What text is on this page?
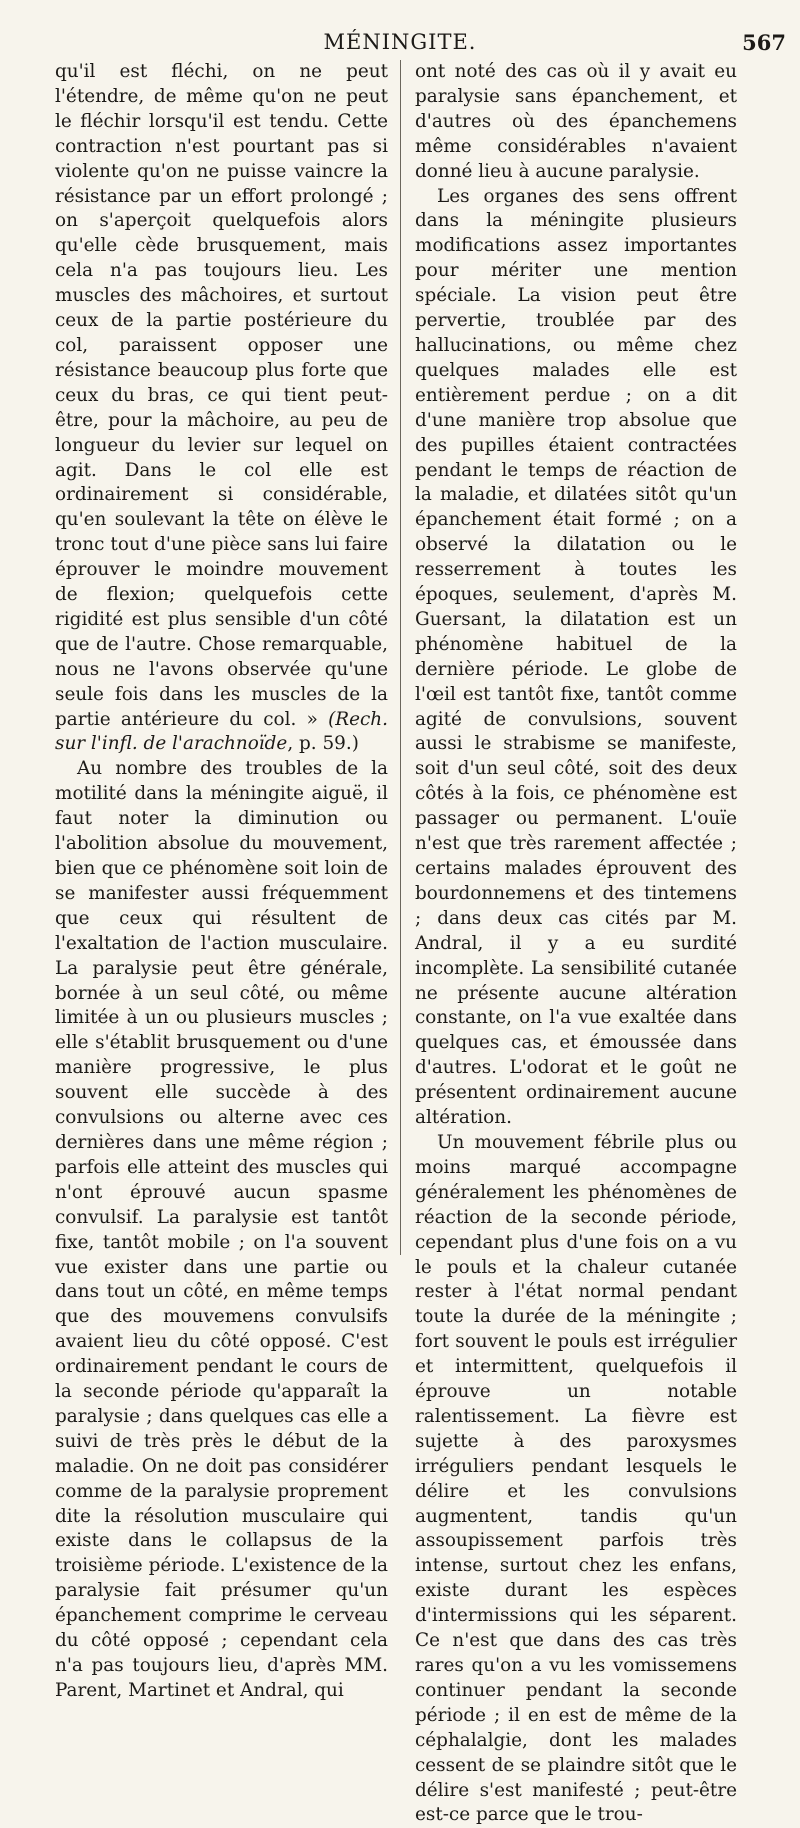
MÉNINGITE.	567

qu'il est fléchi, on ne peut l'étendre, de même qu'on ne peut le fléchir lorsqu'il est tendu. Cette contraction n'est pourtant pas si violente qu'on ne puisse vaincre la résistance par un effort prolongé ; on s'aperçoit quelquefois alors qu'elle cède brusquement, mais cela n'a pas toujours lieu. Les muscles des mâchoires, et surtout ceux de la partie postérieure du col, paraissent opposer une résistance beaucoup plus forte que ceux du bras, ce qui tient peut-être, pour la mâchoire, au peu de longueur du levier sur lequel on agit. Dans le col elle est ordinairement si considérable, qu'en soulevant la tête on élève le tronc tout d'une pièce sans lui faire éprouver le moindre mouvement de flexion; quelquefois cette rigidité est plus sensible d'un côté que de l'autre. Chose remarquable, nous ne l'avons observée qu'une seule fois dans les muscles de la partie antérieure du col. » (Rech. sur l'infl. de l'arachnoïde, p. 59.)

Au nombre des troubles de la motilité dans la méningite aiguë, il faut noter la diminution ou l'abolition absolue du mouvement, bien que ce phénomène soit loin de se manifester aussi fréquemment que ceux qui résultent de l'exaltation de l'action musculaire. La paralysie peut être générale, bornée à un seul côté, ou même limitée à un ou plusieurs muscles ; elle s'établit brusquement ou d'une manière progressive, le plus souvent elle succède à des convulsions ou alterne avec ces dernières dans une même région ; parfois elle atteint des muscles qui n'ont éprouvé aucun spasme convulsif. La paralysie est tantôt fixe, tantôt mobile ; on l'a souvent vue exister dans une partie ou dans tout un côté, en même temps que des mouvemens convulsifs avaient lieu du côté opposé. C'est ordinairement pendant le cours de la seconde période qu'apparaît la paralysie ; dans quelques cas elle a suivi de très près le début de la maladie. On ne doit pas considérer comme de la paralysie proprement dite la résolution musculaire qui existe dans le collapsus de la troisième période. L'existence de la paralysie fait présumer qu'un épanchement comprime le cerveau du côté opposé ; cependant cela n'a pas toujours lieu, d'après MM. Parent, Martinet et Andral, qui

ont noté des cas où il y avait eu paralysie sans épanchement, et d'autres où des épanchemens même considérables n'avaient donné lieu à aucune paralysie.

Les organes des sens offrent dans la méningite plusieurs modifications assez importantes pour mériter une mention spéciale. La vision peut être pervertie, troublée par des hallucinations, ou même chez quelques malades elle est entièrement perdue ; on a dit d'une manière trop absolue que des pupilles étaient contractées pendant le temps de réaction de la maladie, et dilatées sitôt qu'un épanchement était formé ; on a observé la dilatation ou le resserrement à toutes les époques, seulement, d'après M. Guersant, la dilatation est un phénomène habituel de la dernière période. Le globe de l'œil est tantôt fixe, tantôt comme agité de convulsions, souvent aussi le strabisme se manifeste, soit d'un seul côté, soit des deux côtés à la fois, ce phénomène est passager ou permanent. L'ouïe n'est que très rarement affectée ; certains malades éprouvent des bourdonnemens et des tintemens ; dans deux cas cités par M. Andral, il y a eu surdité incomplète. La sensibilité cutanée ne présente aucune altération constante, on l'a vue exaltée dans quelques cas, et émoussée dans d'autres. L'odorat et le goût ne présentent ordinairement aucune altération.

Un mouvement fébrile plus ou moins marqué accompagne généralement les phénomènes de réaction de la seconde période, cependant plus d'une fois on a vu le pouls et la chaleur cutanée rester à l'état normal pendant toute la durée de la méningite ; fort souvent le pouls est irrégulier et intermittent, quelquefois il éprouve un notable ralentissement. La fièvre est sujette à des paroxysmes irréguliers pendant lesquels le délire et les convulsions augmentent, tandis qu'un assoupissement parfois très intense, surtout chez les enfans, existe durant les espèces d'intermissions qui les séparent. Ce n'est que dans des cas très rares qu'on a vu les vomissemens continuer pendant la seconde période ; il en est de même de la céphalalgie, dont les malades cessent de se plaindre sitôt que le délire s'est manifesté ; peut-être est-ce parce que le trou-
